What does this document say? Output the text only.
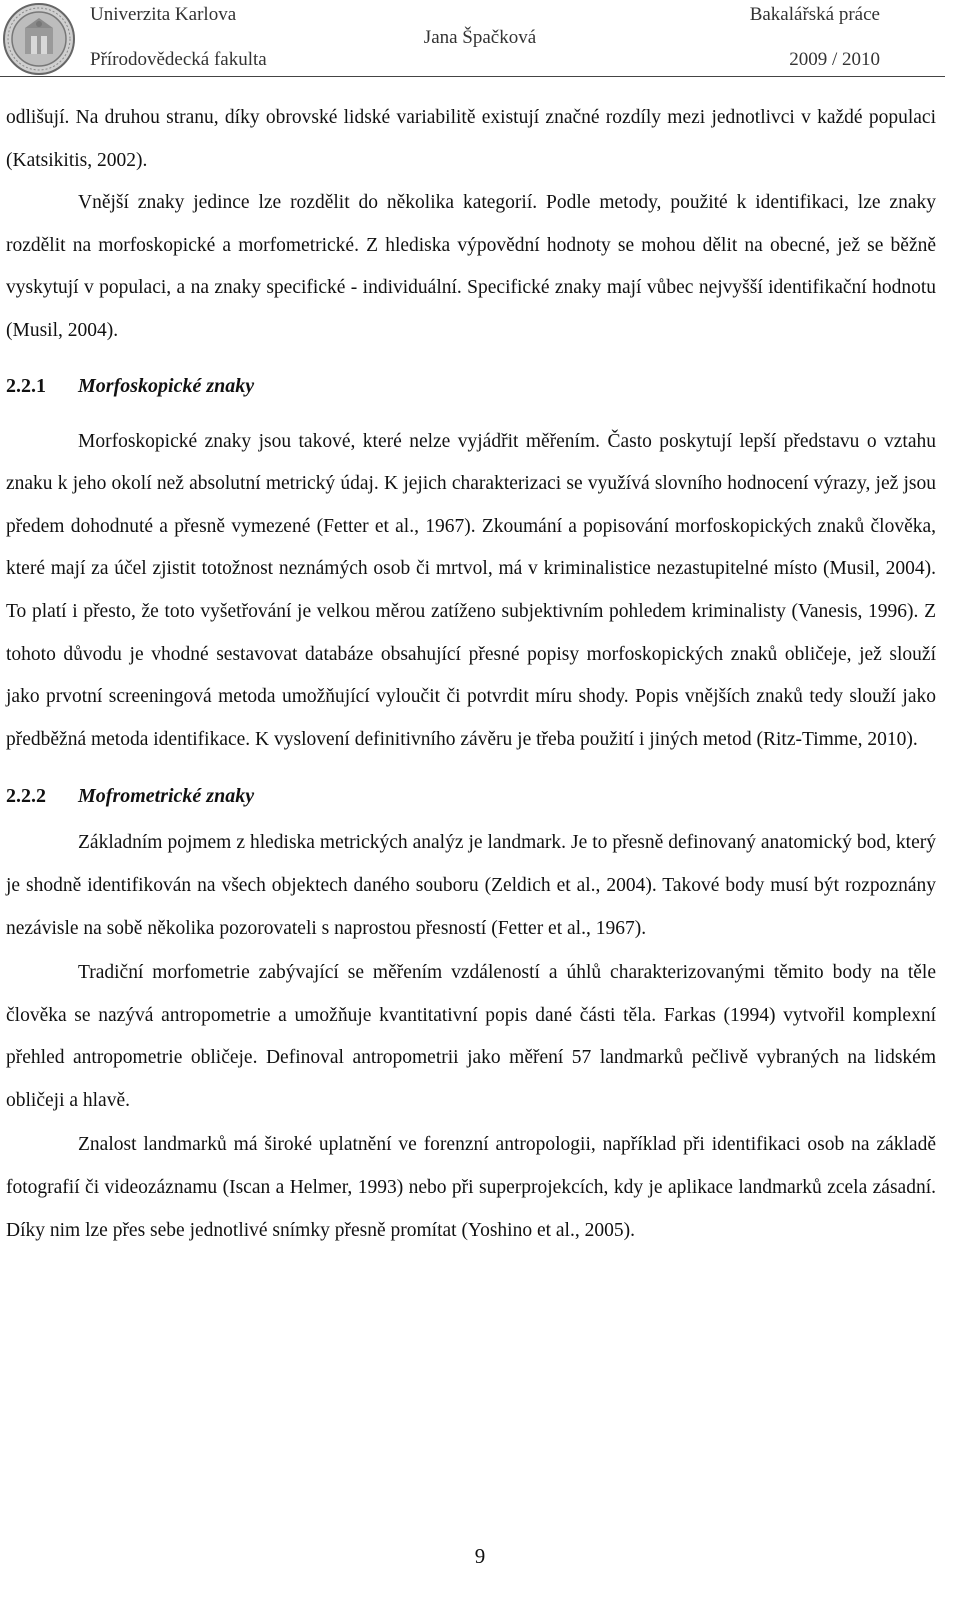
Univerzita Karlova
Přírodovědecká fakulta
Jana Špačková
Bakalářská práce
2009 / 2010

odlišují. Na druhou stranu, díky obrovské lidské variabilitě existují značné rozdíly mezi jednotlivci v každé populaci (Katsikitis, 2002).

Vnější znaky jedince lze rozdělit do několika kategorií. Podle metody, použité k identifikaci, lze znaky rozdělit na morfoskopické a morfometrické. Z hlediska výpovědní hodnoty se mohou dělit na obecné, jež se běžně vyskytují v populaci, a na znaky specifické - individuální. Specifické znaky mají vůbec nejvyšší identifikační hodnotu (Musil, 2004).

2.2.1 Morfoskopické znaky

Morfoskopické znaky jsou takové, které nelze vyjádřit měřením. Často poskytují lepší představu o vztahu znaku k jeho okolí než absolutní metrický údaj. K jejich charakterizaci se využívá slovního hodnocení výrazy, jež jsou předem dohodnuté a přesně vymezené (Fetter et al., 1967). Zkoumání a popisování morfoskopických znaků člověka, které mají za účel zjistit totožnost neznámých osob či mrtvol, má v kriminalistice nezastupitelné místo (Musil, 2004). To platí i přesto, že toto vyšetřování je velkou měrou zatíženo subjektivním pohledem kriminalisty (Vanesis, 1996). Z tohoto důvodu je vhodné sestavovat databáze obsahující přesné popisy morfoskopických znaků obličeje, jež slouží jako prvotní screeningová metoda umožňující vyloučit či potvrdit míru shody. Popis vnějších znaků tedy slouží jako předběžná metoda identifikace. K vyslovení definitivního závěru je třeba použití i jiných metod (Ritz-Timme, 2010).

2.2.2 Mofrometrické znaky

Základním pojmem z hlediska metrických analýz je landmark. Je to přesně definovaný anatomický bod, který je shodně identifikován na všech objektech daného souboru (Zeldich et al., 2004). Takové body musí být rozpoznány nezávisle na sobě několika pozorovateli s naprostou přesností (Fetter et al., 1967).

Tradiční morfometrie zabývající se měřením vzdáleností a úhlů charakterizovanými těmito body na těle člověka se nazývá antropometrie a umožňuje kvantitativní popis dané části těla. Farkas (1994) vytvořil komplexní přehled antropometrie obličeje. Definoval antropometrii jako měření 57 landmarků pečlivě vybraných na lidském obličeji a hlavě.

Znalost landmarků má široké uplatnění ve forenzní antropologii, například při identifikaci osob na základě fotografií či videozáznamu (Iscan a Helmer, 1993) nebo při superprojekcích, kdy je aplikace landmarků zcela zásadní. Díky nim lze přes sebe jednotlivé snímky přesně promítat (Yoshino et al., 2005).

9
